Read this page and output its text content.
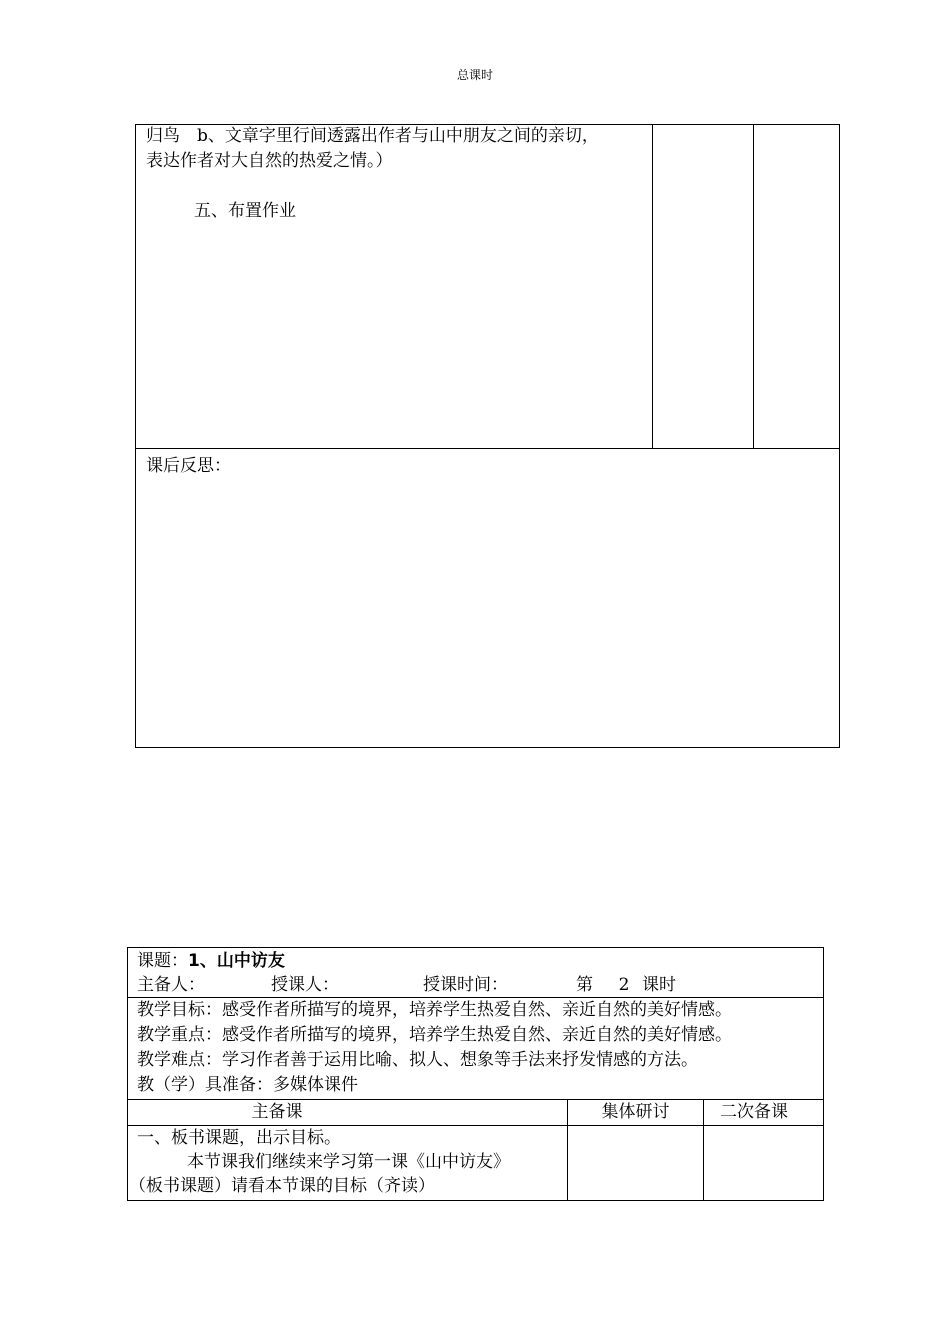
总课时

归鸟　b、文章字里行间透露出作者与山中朋友之间的亲切，

表达作者对大自然的热爱之情。）

五、布置作业

课后反思：
课题：1、山中访友
主备人：	授课人：	授课时间：	第 2 课时

教学目标：感受作者所描写的境界，培养学生热爱自然、亲近自然的美好情感。

教学重点：感受作者所描写的境界，培养学生热爱自然、亲近自然的美好情感。

教学难点：学习作者善于运用比喻、拟人、想象等手法来抒发情感的方法。

教（学）具准备：多媒体课件

主备课	集体研讨	二次备课

一、板书课题，出示目标。

本节课我们继续来学习第一课《山中访友》

（板书课题）请看本节课的目标（齐读）
